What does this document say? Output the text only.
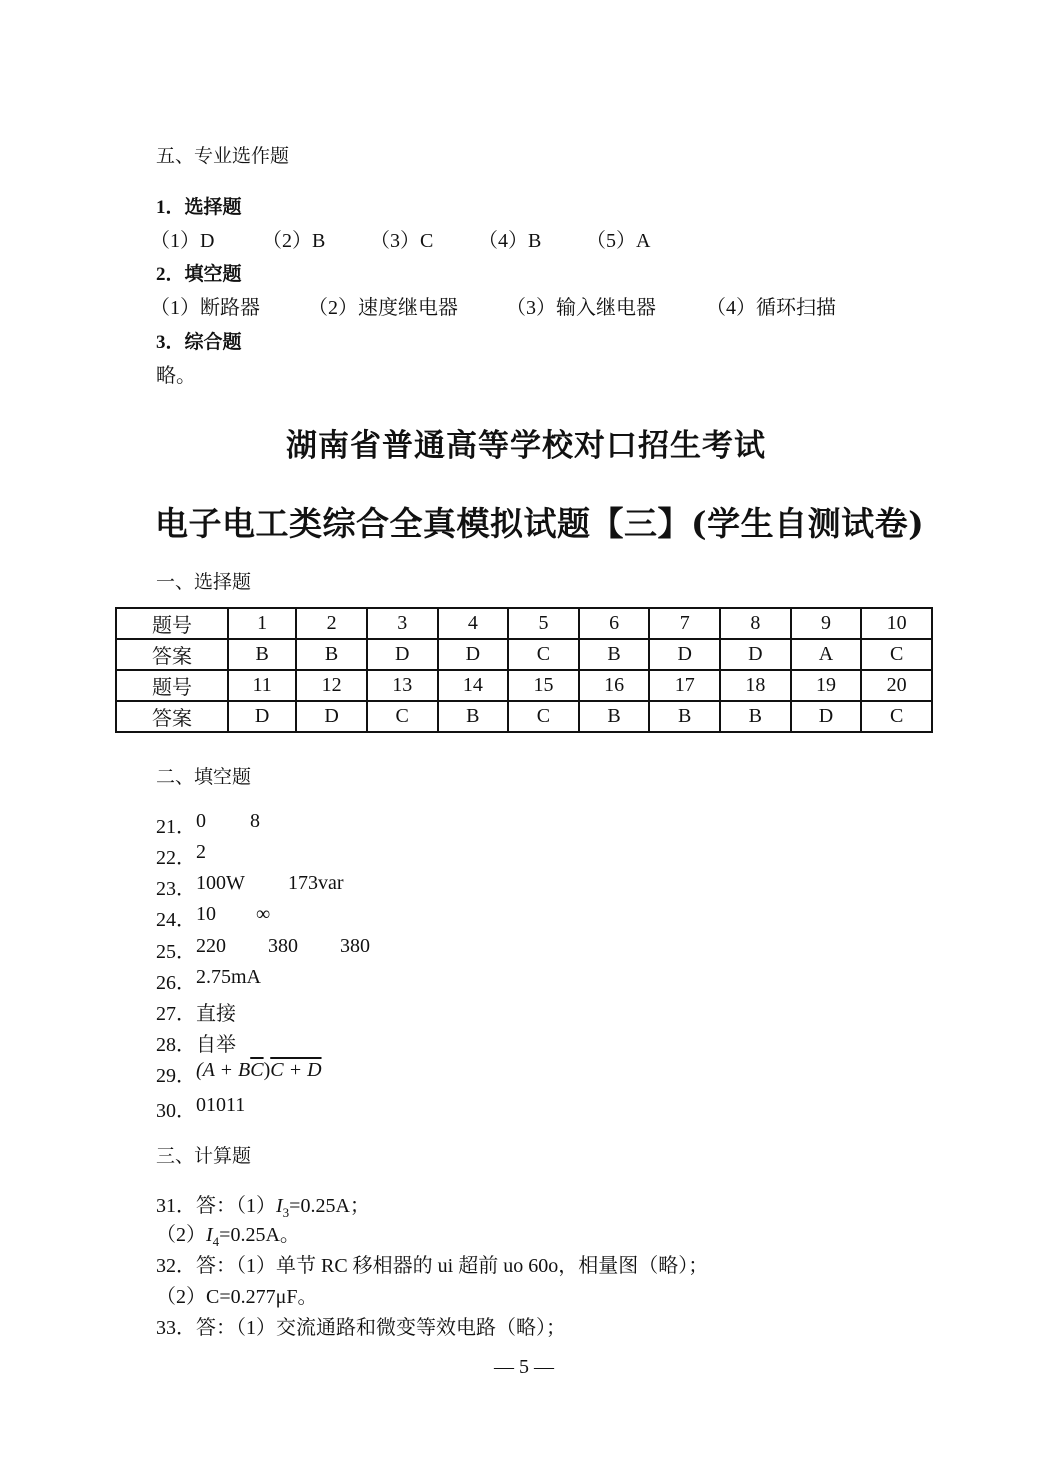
五、专业选作题
1．选择题
（1）D	（2）B	（3）C	（4）B	（5）A
2．填空题
（1）断路器	（2）速度继电器	（3）输入继电器	（4）循环扫描
3．综合题
略。
湖南省普通高等学校对口招生考试
电子电工类综合全真模拟试题【三】(学生自测试卷)
一、选择题
题号	1	2	3	4	5	6	7	8	9	10
答案	B	B	D	D	C	B	D	D	A	C
题号	11	12	13	14	15	16	17	18	19	20
答案	D	D	C	B	C	B	B	B	D	C
二、填空题
21． 0	8
22． 2
23． 100W	173var
24． 10	∞
25． 220	380	380
26． 2.75mA
27． 直接
28． 自举
29． (A + B $\overline{C}$ ) C + D
30． 01011
三、计算题
31．答：$(1)I_3=0.25A$；
$(2)I_4=0.25A$。
32．答：（1）单节 RC 移相器的 ui 超前 uo 60o，相量图（略）；
（2）C=0.277μF。
33．答：（1）交流通路和微变等效电路（略）；
— 5 —
